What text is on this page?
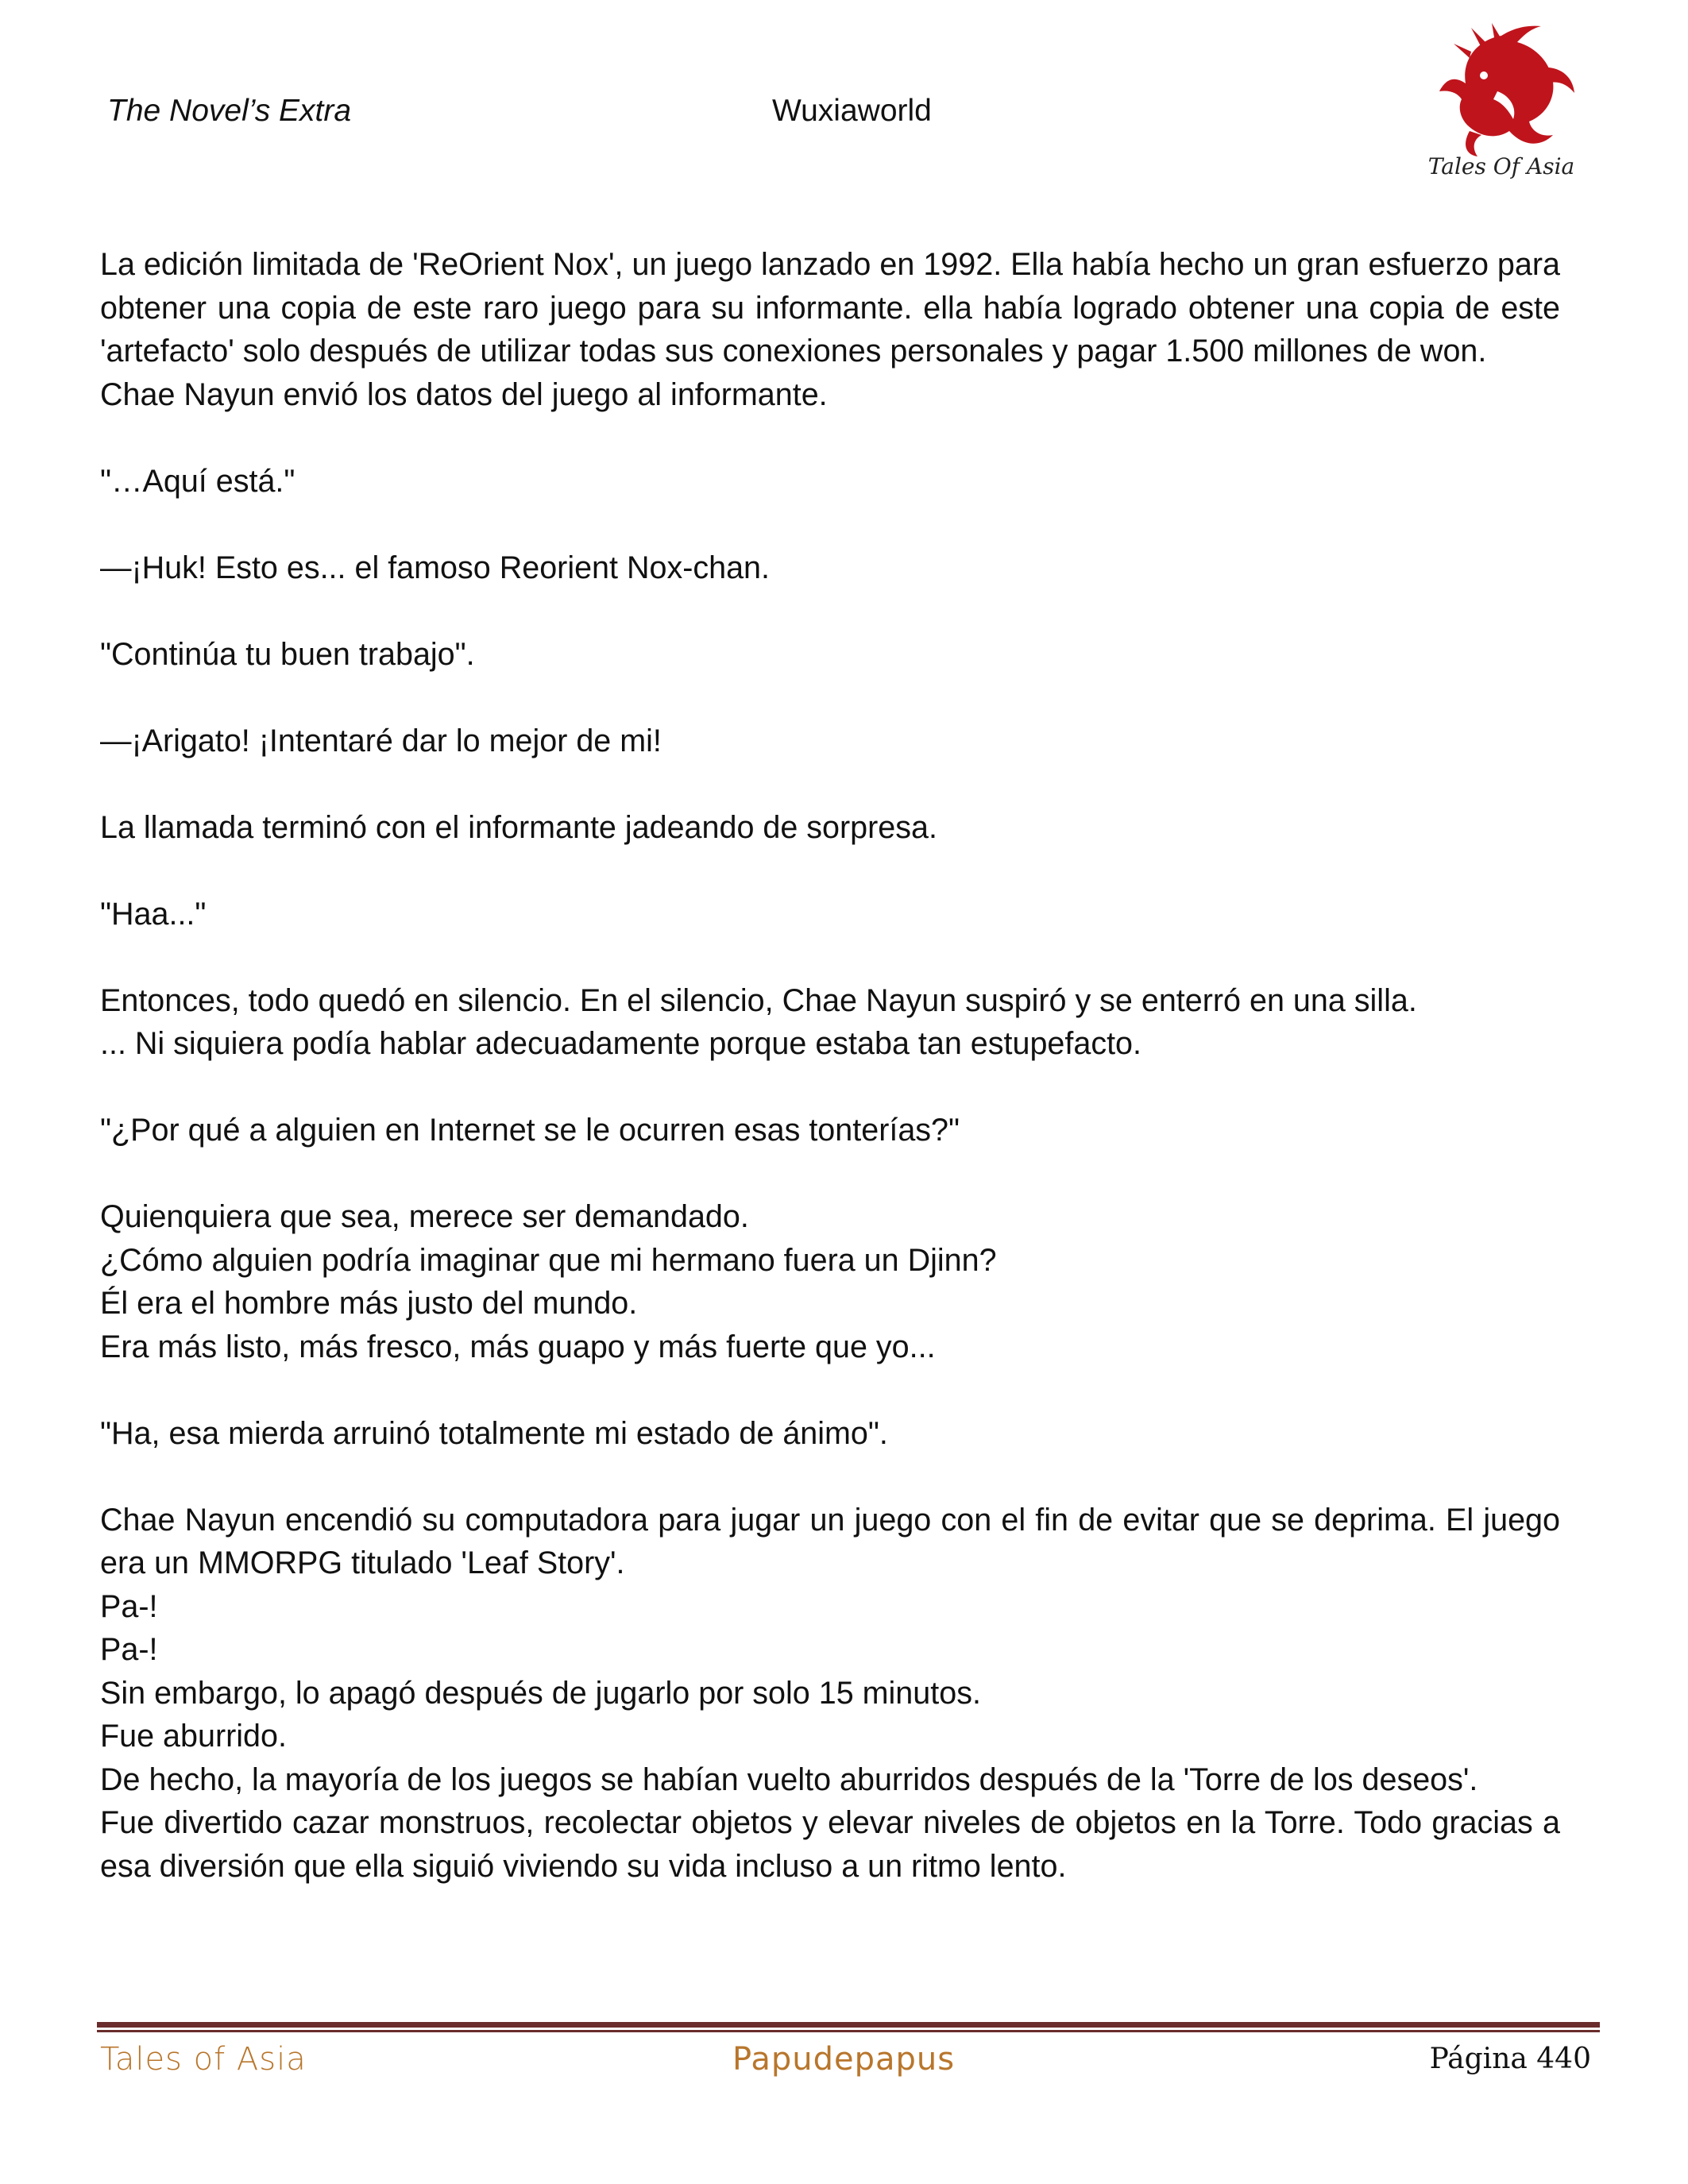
The Novel’s Extra	Wuxiaworld
Tales Of Asia

La edición limitada de 'ReOrient Nox', un juego lanzado en 1992. Ella había hecho un gran esfuerzo para obtener una copia de este raro juego para su informante. ella había logrado obtener una copia de este 'artefacto' solo después de utilizar todas sus conexiones personales y pagar 1.500 millones de won.

Chae Nayun envió los datos del juego al informante.

"…Aquí está."

—¡Huk! Esto es... el famoso Reorient Nox-chan.

"Continúa tu buen trabajo".

—¡Arigato! ¡Intentaré dar lo mejor de mi!

La llamada terminó con el informante jadeando de sorpresa.

"Haa..."

Entonces, todo quedó en silencio. En el silencio, Chae Nayun suspiró y se enterró en una silla.

... Ni siquiera podía hablar adecuadamente porque estaba tan estupefacto.

"¿Por qué a alguien en Internet se le ocurren esas tonterías?"

Quienquiera que sea, merece ser demandado.

¿Cómo alguien podría imaginar que mi hermano fuera un Djinn?

Él era el hombre más justo del mundo.

Era más listo, más fresco, más guapo y más fuerte que yo...

"Ha, esa mierda arruinó totalmente mi estado de ánimo".

Chae Nayun encendió su computadora para jugar un juego con el fin de evitar que se deprima. El juego era un MMORPG titulado 'Leaf Story'.

Pa-!

Pa-!

Sin embargo, lo apagó después de jugarlo por solo 15 minutos.

Fue aburrido.

De hecho, la mayoría de los juegos se habían vuelto aburridos después de la 'Torre de los deseos'.

Fue divertido cazar monstruos, recolectar objetos y elevar niveles de objetos en la Torre. Todo gracias a esa diversión que ella siguió viviendo su vida incluso a un ritmo lento.

Tales of Asia	Papudepapus	Página 440
